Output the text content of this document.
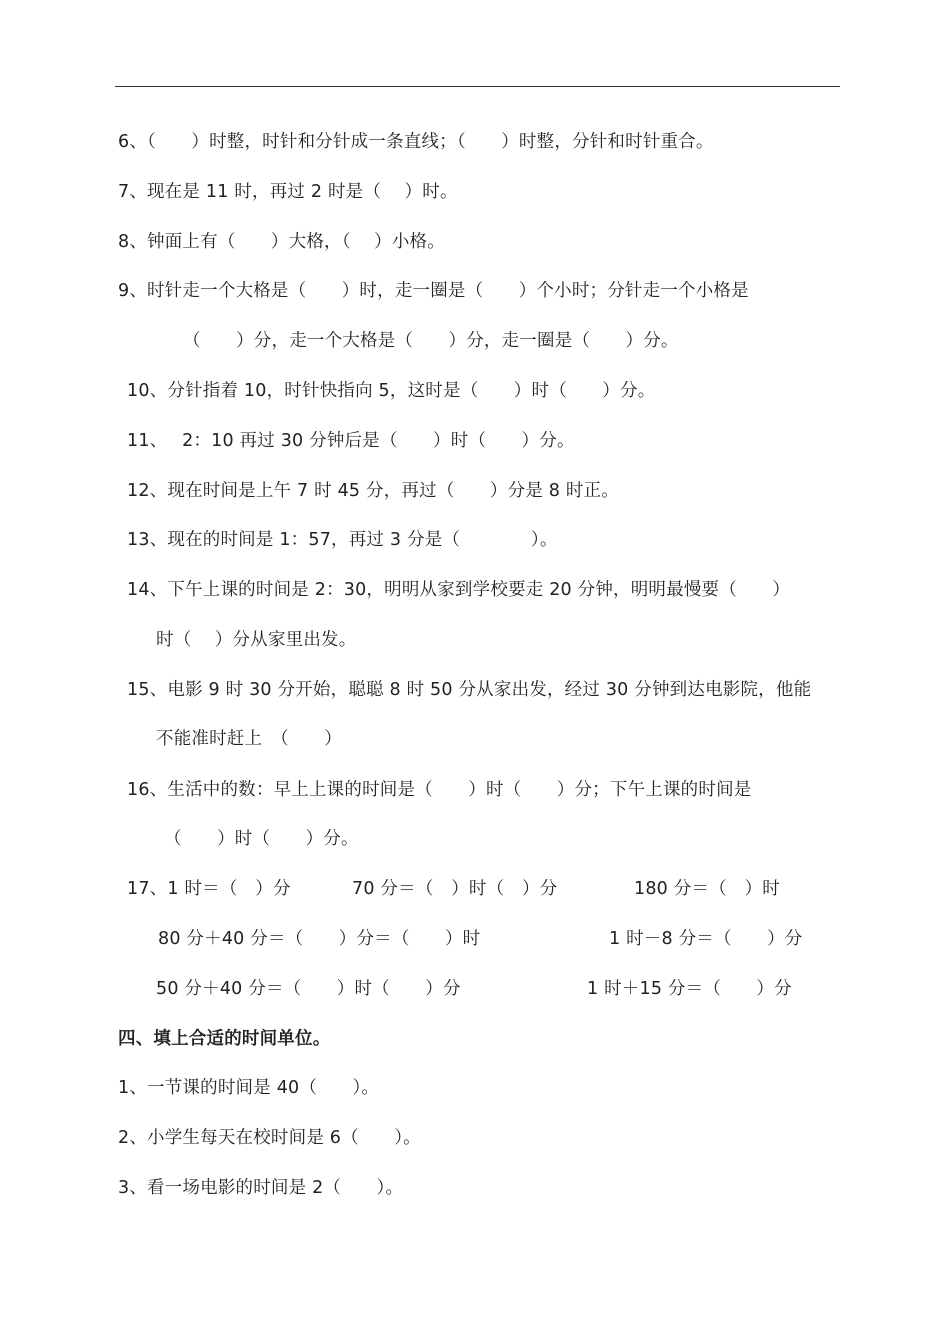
6、（　　）时整，时针和分针成一条直线；（　　）时整，分针和时针重合。
7、现在是 11 时，再过 2 时是（　 ）时。
8、钟面上有（　　）大格，（　 ）小格。
9、时针走一个大格是（　　）时，走一圈是（　　）个小时；分针走一个小格是
（　　）分，走一个大格是（　　）分，走一圈是（　　）分。
10、分针指着 10，时针快指向 5，这时是（　　）时（　　）分。
11、　 2：10 再过 30 分钟后是（　　）时（　　）分。
12、现在时间是上午 7 时 45 分，再过（　　）分是 8 时正。
13、现在的时间是 1：57，再过 3 分是（　　　　）。
14、下午上课的时间是 2：30，明明从家到学校要走 20 分钟，明明最慢要（　　）
时（　 ）分从家里出发。
15、电影 9 时 30 分开始，聪聪 8 时 50 分从家出发，经过 30 分钟到达电影院，他能
不能准时赶上　（　　）
16、生活中的数：早上上课的时间是（　　）时（　　）分；下午上课的时间是
（　　）时（　　）分。
17、1 时＝（　）分	70 分＝（　）时（　）分	180 分＝（　）时
80 分＋40 分＝（　　）分＝（　　）时	1 时－8 分＝（　　）分
50 分＋40 分＝（　　）时（　　）分	1 时＋15 分＝（　　）分
四、填上合适的时间单位。
1、一节课的时间是 40（　　）。
2、小学生每天在校时间是 6（　　）。
3、看一场电影的时间是 2（　　）。
